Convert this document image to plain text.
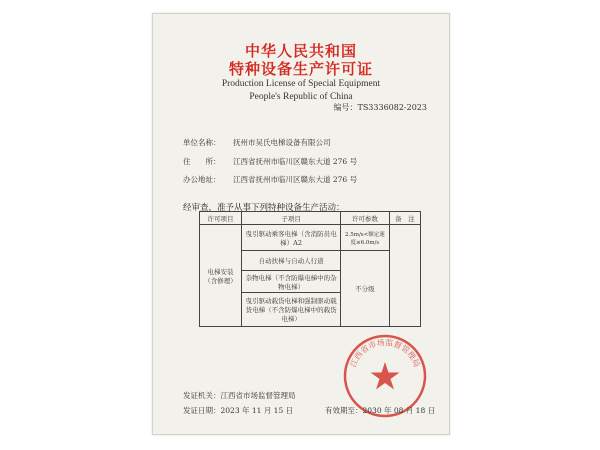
中华人民共和国
特种设备生产许可证
Production License of Special Equipment
People's Republic of China
编号：TS3336082-2023
单位名称： 抚州市吴氏电梯设备有限公司
住　　所： 江西省抚州市临川区赣东大道 276 号
办公地址： 江西省抚州市临川区赣东大道 276 号
经审查，准予从事下列特种设备生产活动：
许可项目	子项目	许可参数	备　注
电梯安装（含修理）	曳引驱动乘客电梯（含消防员电梯）A2	2.5m/s<额定速度≤6.0m/s	
	自动扶梯与自动人行道	不分级	
	杂物电梯（不含防爆电梯中的杂物电梯）		
	曳引驱动载货电梯和强制驱动载货电梯（不含防爆电梯中的载货电梯）		
江西省市场监督管理局
发证机关：江西省市场监督管理局
发证日期：2023 年 11 月 15 日	有效期至：2030 年 08 月 18 日
